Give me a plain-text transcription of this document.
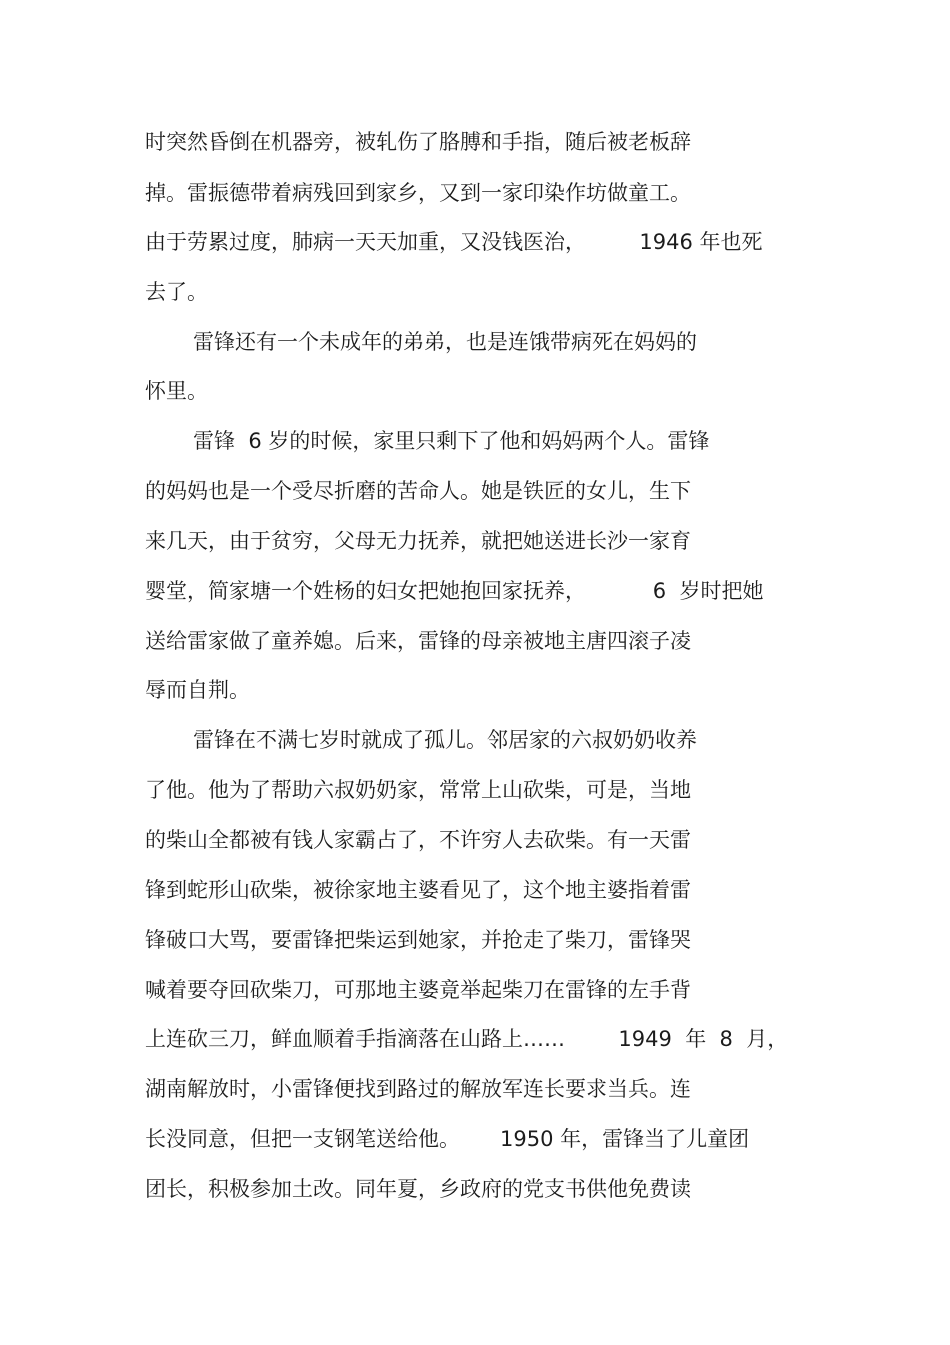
时突然昏倒在机器旁，被轧伤了胳膊和手指，随后被老板辞
掉。雷振德带着病残回到家乡，又到一家印染作坊做童工。
由于劳累过度，肺病一天天加重，又没钱医治，        1946 年也死
去了。
雷锋还有一个未成年的弟弟，也是连饿带病死在妈妈的
怀里。
雷锋  6 岁的时候，家里只剩下了他和妈妈两个人。雷锋
的妈妈也是一个受尽折磨的苦命人。她是铁匠的女儿，生下
来几天，由于贫穷，父母无力抚养，就把她送进长沙一家育
婴堂，简家塘一个姓杨的妇女把她抱回家抚养，          6  岁时把她
送给雷家做了童养媳。后来，雷锋的母亲被地主唐四滚子凌
辱而自荆。
雷锋在不满七岁时就成了孤儿。邻居家的六叔奶奶收养
了他。他为了帮助六叔奶奶家，常常上山砍柴，可是，当地
的柴山全都被有钱人家霸占了，不许穷人去砍柴。有一天雷
锋到蛇形山砍柴，被徐家地主婆看见了，这个地主婆指着雷
锋破口大骂，要雷锋把柴运到她家，并抢走了柴刀，雷锋哭
喊着要夺回砍柴刀，可那地主婆竟举起柴刀在雷锋的左手背
上连砍三刀，鲜血顺着手指滴落在山路上……        1949  年  8  月，
湖南解放时，小雷锋便找到路过的解放军连长要求当兵。连
长没同意，但把一支钢笔送给他。      1950 年，雷锋当了儿童团
团长，积极参加土改。同年夏，乡政府的党支书供他免费读
